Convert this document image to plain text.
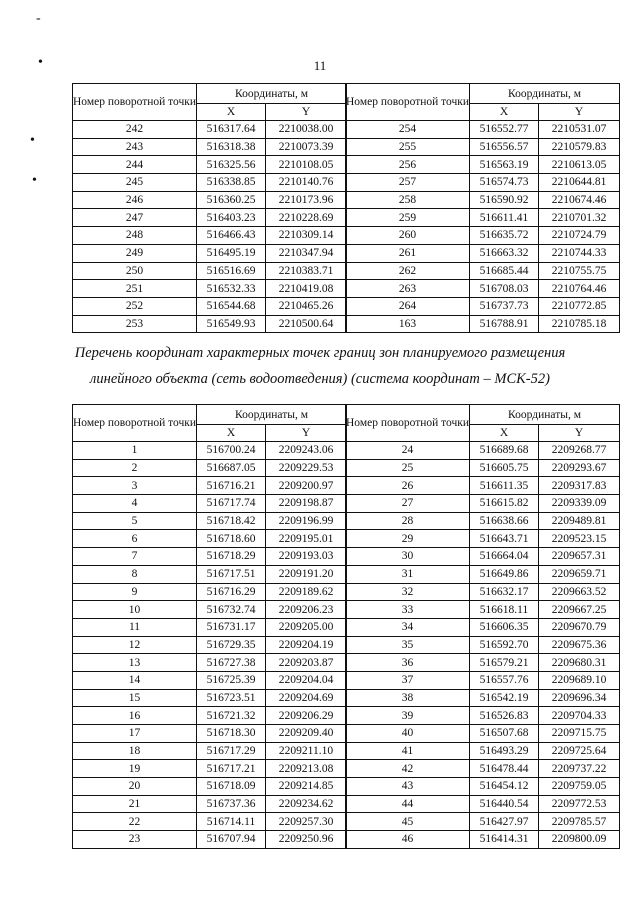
-
•
•
•
11
Номер поворотной точки	Координаты, м	
	X	Y
242	516317.64	2210038.00
243	516318.38	2210073.39
244	516325.56	2210108.05
245	516338.85	2210140.76
246	516360.25	2210173.96
247	516403.23	2210228.69
248	516466.43	2210309.14
249	516495.19	2210347.94
250	516516.69	2210383.71
251	516532.33	2210419.08
252	516544.68	2210465.26
253	516549.93	2210500.64
Номер поворотной точки	Координаты, м	
	X	Y
254	516552.77	2210531.07
255	516556.57	2210579.83
256	516563.19	2210613.05
257	516574.73	2210644.81
258	516590.92	2210674.46
259	516611.41	2210701.32
260	516635.72	2210724.79
261	516663.32	2210744.33
262	516685.44	2210755.75
263	516708.03	2210764.46
264	516737.73	2210772.85
163	516788.91	2210785.18
Перечень координат характерных точек границ зон планируемого размещения
линейного объекта (сеть водоотведения) (система координат – МСК-52)
Номер поворотной точки	Координаты, м	
	X	Y
1	516700.24	2209243.06
2	516687.05	2209229.53
3	516716.21	2209200.97
4	516717.74	2209198.87
5	516718.42	2209196.99
6	516718.60	2209195.01
7	516718.29	2209193.03
8	516717.51	2209191.20
9	516716.29	2209189.62
10	516732.74	2209206.23
11	516731.17	2209205.00
12	516729.35	2209204.19
13	516727.38	2209203.87
14	516725.39	2209204.04
15	516723.51	2209204.69
16	516721.32	2209206.29
17	516718.30	2209209.40
18	516717.29	2209211.10
19	516717.21	2209213.08
20	516718.09	2209214.85
21	516737.36	2209234.62
22	516714.11	2209257.30
23	516707.94	2209250.96
Номер поворотной точки	Координаты, м	
	X	Y
24	516689.68	2209268.77
25	516605.75	2209293.67
26	516611.35	2209317.83
27	516615.82	2209339.09
28	516638.66	2209489.81
29	516643.71	2209523.15
30	516664.04	2209657.31
31	516649.86	2209659.71
32	516632.17	2209663.52
33	516618.11	2209667.25
34	516606.35	2209670.79
35	516592.70	2209675.36
36	516579.21	2209680.31
37	516557.76	2209689.10
38	516542.19	2209696.34
39	516526.83	2209704.33
40	516507.68	2209715.75
41	516493.29	2209725.64
42	516478.44	2209737.22
43	516454.12	2209759.05
44	516440.54	2209772.53
45	516427.97	2209785.57
46	516414.31	2209800.09
